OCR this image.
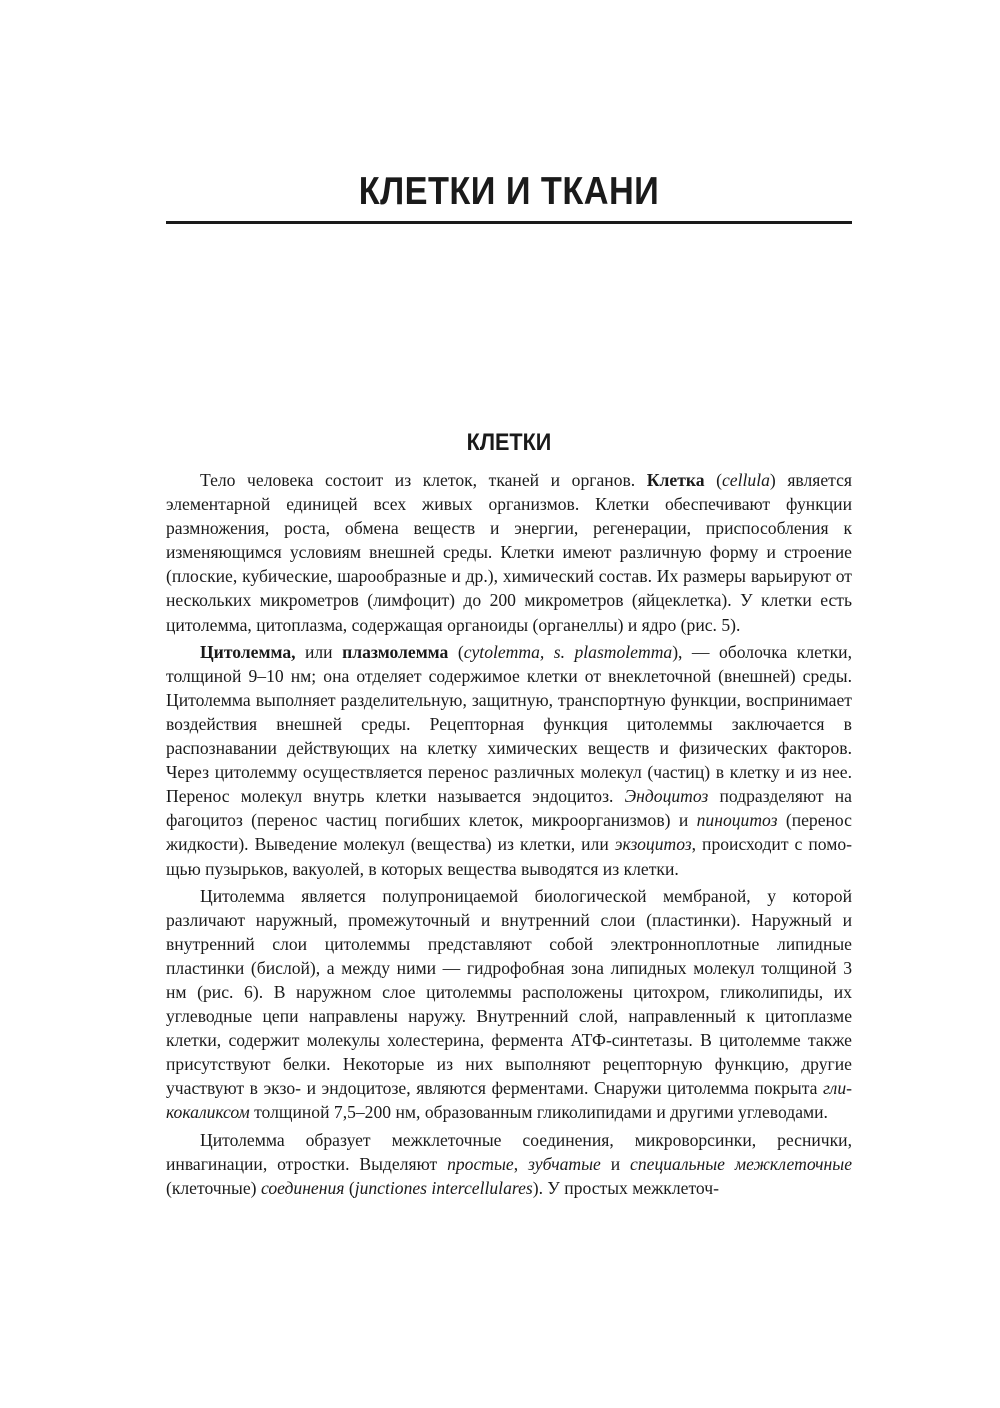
КЛЕТКИ И ТКАНИ
КЛЕТКИ

Тело человека состоит из клеток, тканей и органов. Клетка (cellula) является элементарной единицей всех живых организмов. Клетки обеспечивают функции размножения, роста, обмена веществ и энергии, регенерации, приспособления к изменяющимся условиям внешней среды. Клетки имеют различную форму и строение (плоские, кубические, шарообразные и др.), химический состав. Их размеры варьируют от нескольких микрометров (лимфоцит) до 200 микрометров (яйцеклетка). У клетки есть цитолемма, цитоплазма, содержащая органоиды (органеллы) и ядро (рис. 5).

Цитолемма, или плазмолемма (cytolemma, s. plasmolemma), — оболочка клетки, толщиной 9–10 нм; она отделяет содержимое клетки от внеклеточной (внешней) среды. Цитолемма выполняет разделительную, защитную, транспортную функции, воспринимает воздействия внешней среды. Рецепторная функция цитолеммы заключается в распознавании действующих на клетку химических веществ и физических факторов. Через цитолемму осуществляется перенос различных молекул (частиц) в клетку и из нее. Перенос молекул внутрь клетки называется эндоцитоз. Эндоцитоз подразделяют на фагоцитоз (перенос частиц погибших клеток, микроорганизмов) и пиноцитоз (перенос жидкости). Выведение молекул (вещества) из клетки, или экзоцитоз, происходит с помощью пузырьков, вакуолей, в которых вещества выводятся из клетки.

Цитолемма является полупроницаемой биологической мембраной, у которой различают наружный, промежуточный и внутренний слои (пластинки). Наружный и внутренний слои цитолеммы представляют собой электронноплотные липидные пластинки (бислой), а между ними — гидрофобная зона липидных молекул толщиной 3 нм (рис. 6). В наружном слое цитолеммы расположены цитохром, гликолипиды, их углеводные цепи направлены наружу. Внутренний слой, направленный к цитоплазме клетки, содержит молекулы холестерина, фермента АТФ-синтетазы. В цитолемме также присутствуют белки. Некоторые из них выполняют рецепторную функцию, другие участвуют в экзо- и эндоцитозе, являются ферментами. Снаружи цитолемма покрыта гликокаликсом толщиной 7,5–200 нм, образованным гликолипидами и другими углеводами.

Цитолемма образует межклеточные соединения, микроворсинки, реснички, инвагинации, отростки. Выделяют простые, зубчатые и специальные межклеточные (клеточные) соединения (junctiones intercellulares). У простых межклеточ-
